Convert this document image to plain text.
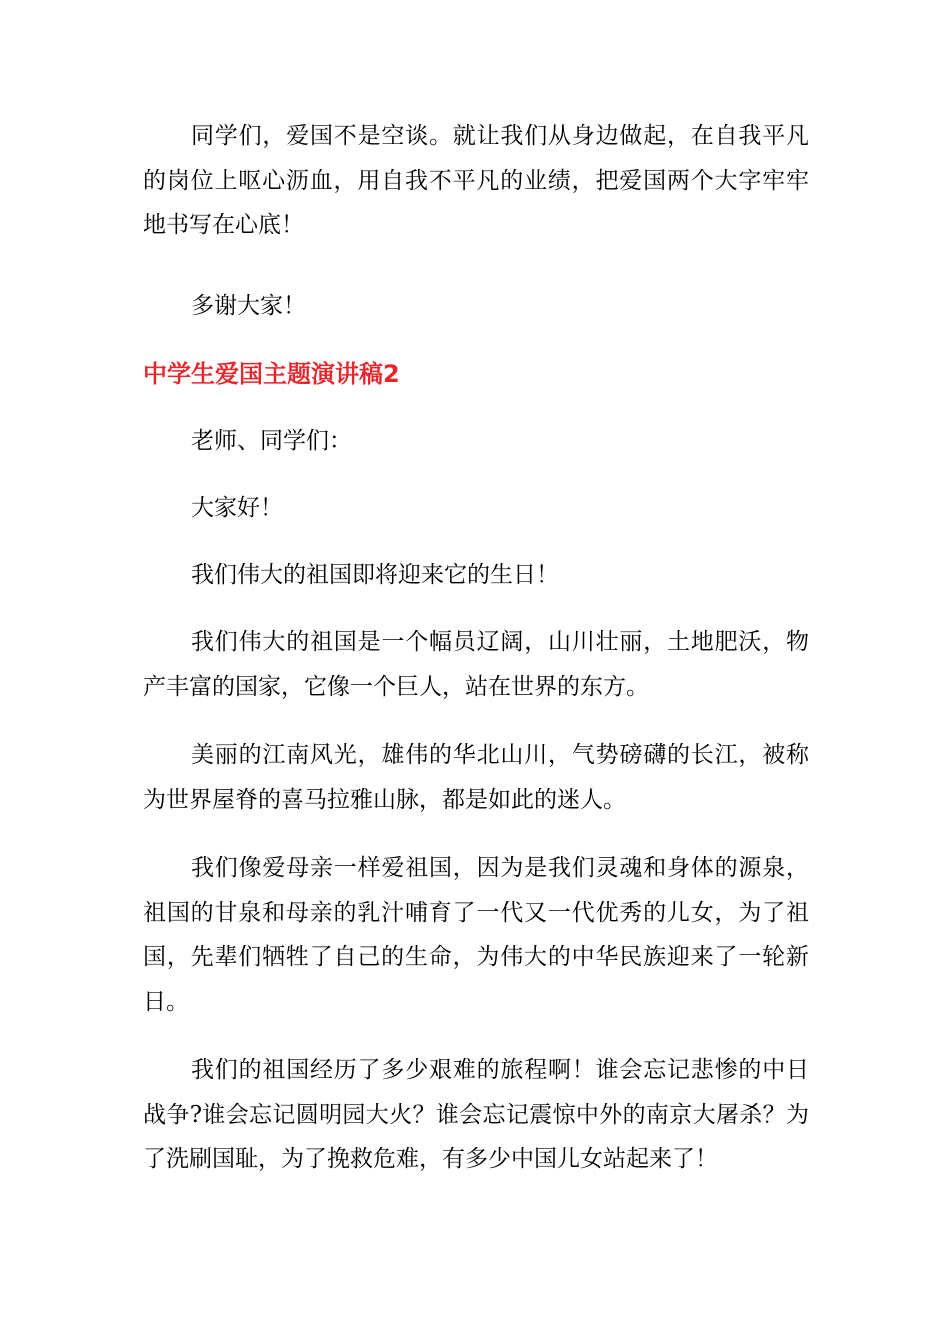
同学们，爱国不是空谈。就让我们从身边做起，在自我平凡的岗位上呕心沥血，用自我不平凡的业绩，把爱国两个大字牢牢地书写在心底！

多谢大家！

中学生爱国主题演讲稿2

老师、同学们：

大家好！

我们伟大的祖国即将迎来它的生日！

我们伟大的祖国是一个幅员辽阔，山川壮丽，土地肥沃，物产丰富的国家，它像一个巨人，站在世界的东方。

美丽的江南风光，雄伟的华北山川，气势磅礴的长江，被称为世界屋脊的喜马拉雅山脉，都是如此的迷人。

我们像爱母亲一样爱祖国，因为是我们灵魂和身体的源泉，祖国的甘泉和母亲的乳汁哺育了一代又一代优秀的儿女，为了祖国，先辈们牺牲了自己的生命，为伟大的中华民族迎来了一轮新日。

我们的祖国经历了多少艰难的旅程啊！谁会忘记悲惨的中日战争?谁会忘记圆明园大火？谁会忘记震惊中外的南京大屠杀？为了洗刷国耻，为了挽救危难，有多少中国儿女站起来了！
